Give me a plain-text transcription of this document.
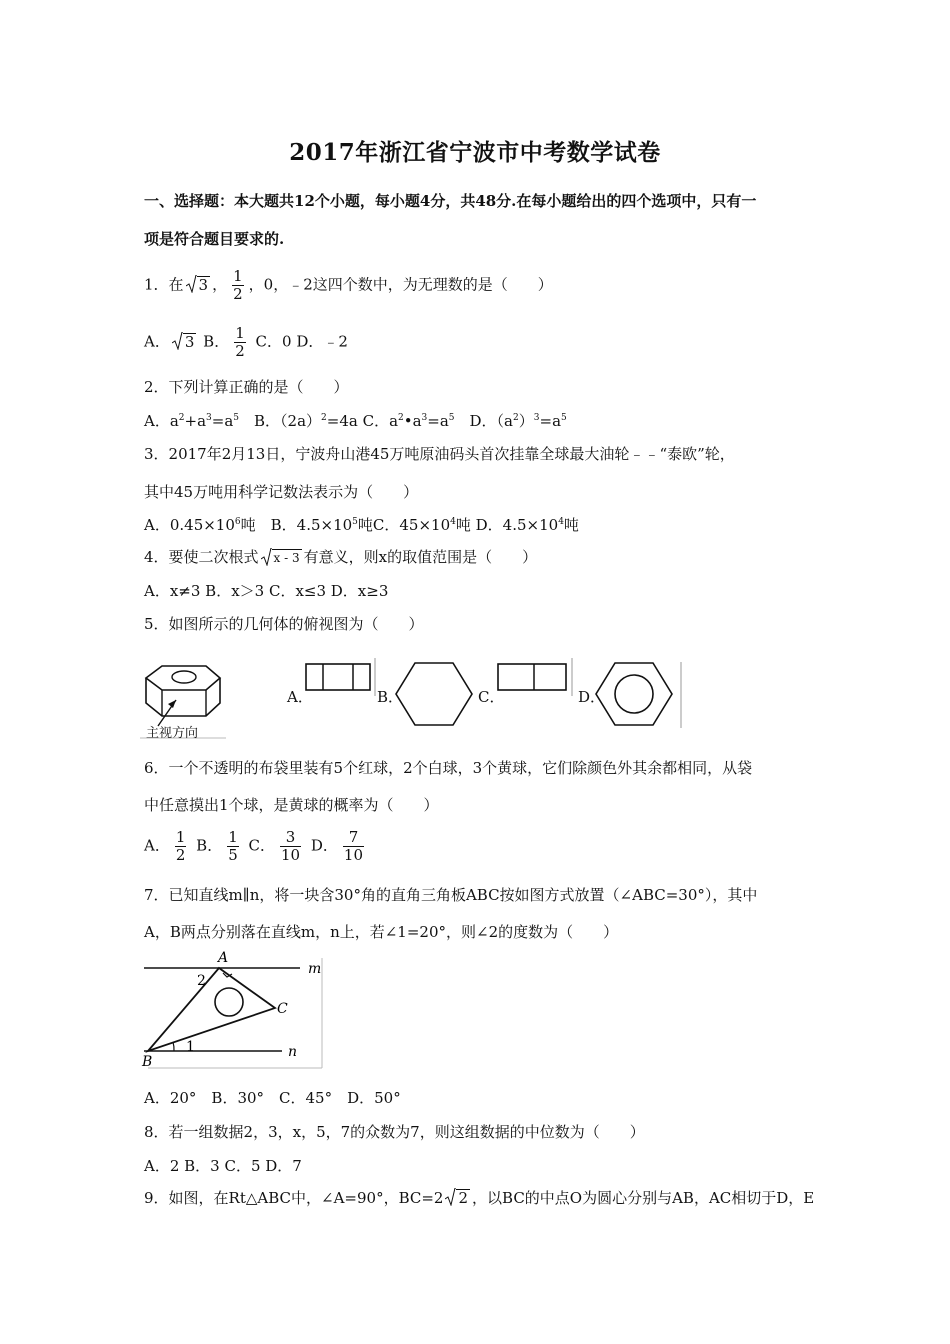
2017年浙江省宁波市中考数学试卷
一、选择题：本大题共12个小题，每小题4分，共48分.在每小题给出的四个选项中，只有一
项是符合题目要求的.
1．在 3 ， $\frac{1}{2}$ ，0，﹣2这四个数中，为无理数的是（　　）
A． 3 B． $\frac{1}{2}$ C．0 D．﹣2
2．下列计算正确的是（　　）
A．$a^2+a^3=a^5$　B．$(2a)^2=4a$ C．$a^2•a^3=a^5$　D．$(a^2)^3=a^5$
3．2017年2月13日，宁波舟山港45万吨原油码头首次挂靠全球最大油轮﹣﹣“泰欧”轮，
其中45万吨用科学记数法表示为（　　）
A．$0.45\times 10^6$吨　B．$4.5\times 10^5$吨C．$45\times 10^4$吨 D．$4.5\times 10^4$吨
4．要使二次根式 x - 3 有意义，则x的取值范围是（　　）
A．x≠3 B．x＞3 C．x≤3 D．x≥3
5．如图所示的几何体的俯视图为（　　）
主视方向
A．	B．	C．	D．
6．一个不透明的布袋里装有5个红球，2个白球，3个黄球，它们除颜色外其余都相同，从袋
中任意摸出1个球，是黄球的概率为（　　）
A． $\frac{1}{2}$ B． $\frac{1}{5}$ C． $\frac{3}{10}$ D． $\frac{7}{10}$
7．已知直线m∥n，将一块含30°角的直角三角板ABC按如图方式放置（∠ABC=30°），其中
A，B两点分别落在直线m，n上，若∠1=20°，则∠2的度数为（　　）
A
B
C
m
n
1
2
A．20°　B．30°　C．45°　D．50°
8．若一组数据2，3，x，5，7的众数为7，则这组数据的中位数为（　　）
A．2 B．3 C．5 D．7
9．如图，在Rt△ABC中，∠A=90°，BC=2 2 ，以BC的中点O为圆心分别与AB，AC相切于D，E
